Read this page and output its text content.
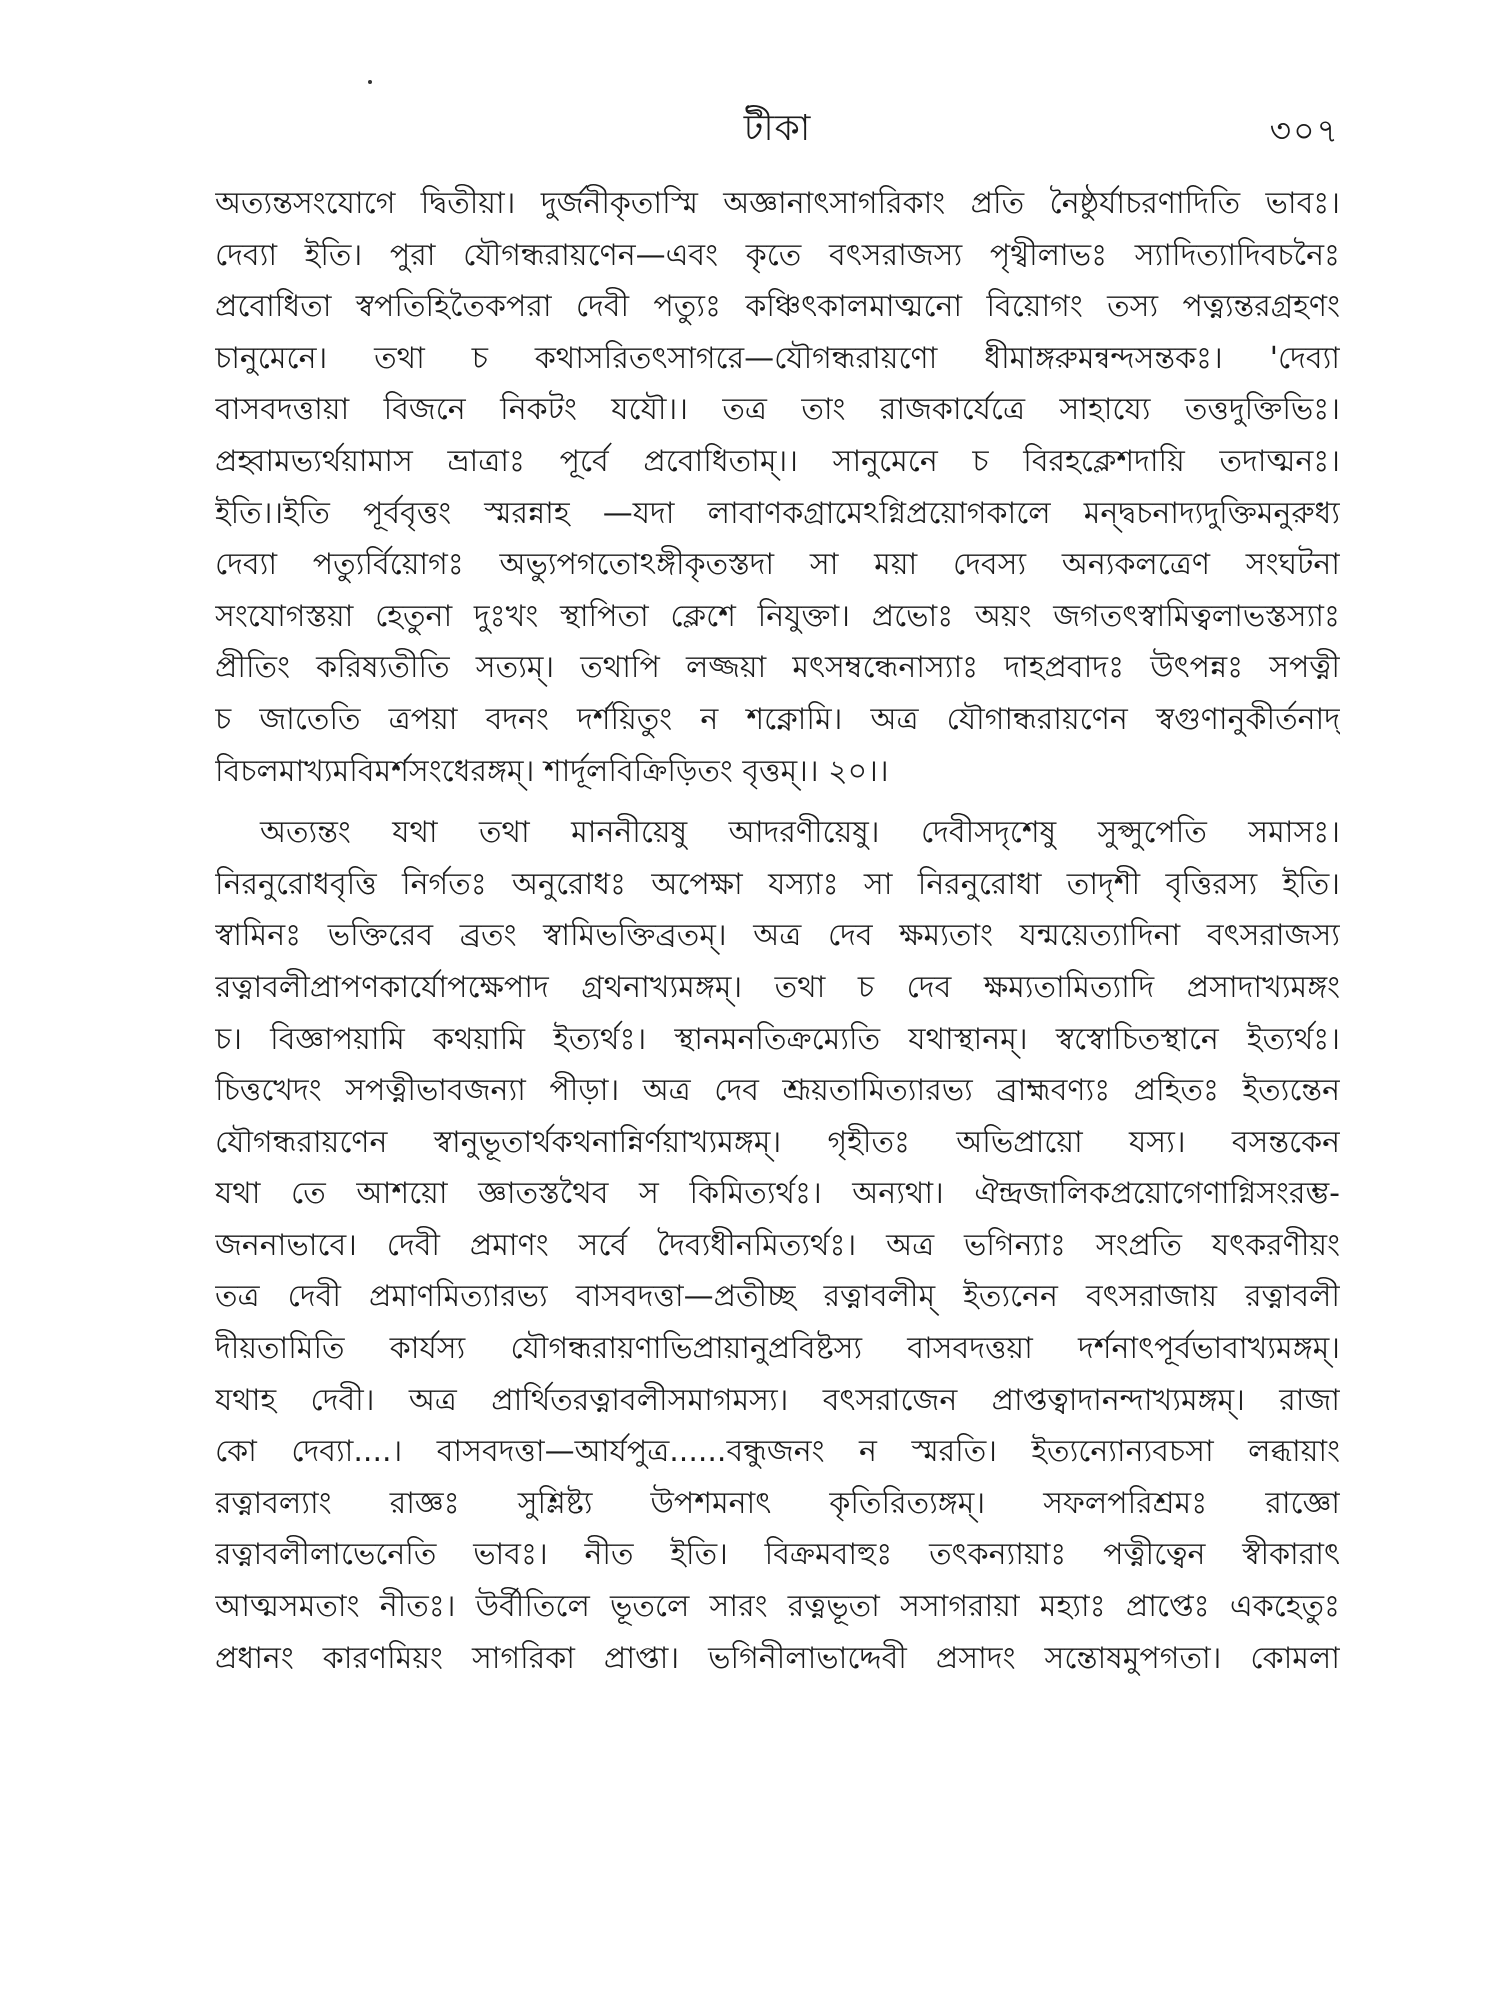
টীকা	৩০৭
অত্যন্তসংযোগে দ্বিতীয়া। দুর্জনীকৃতাস্মি অজ্ঞানাৎসাগরিকাং প্রতি নৈষ্ঠুর্যাচরণাদিতি ভাবঃ।
দেব্যা ইতি। পুরা যৌগন্ধরায়ণেন—এবং কৃতে বৎসরাজস্য পৃথ্বীলাভঃ স্যাদিত্যাদিবচনৈঃ
প্রবোধিতা স্বপতিহিতৈকপরা দেবী পত্যুঃ কঞ্চিৎকালমাত্মনো বিয়োগং তস্য পত্ন্যন্তরগ্রহণং
চানুমেনে। তথা চ কথাসরিতৎসাগরে—যৌগন্ধরায়ণো ধীমাঙ্গরুমন্বন্দসন্তকঃ। 'দেব্যা
বাসবদত্তায়া বিজনে নিকটং যযৌ।। তত্র তাং রাজকার্যেত্রে সাহায্যে তত্তদুক্তিভিঃ।
প্রহ্বামভ্যর্থয়ামাস ভ্রাত্রাঃ পূর্বে প্রবোধিতাম্।। সানুমেনে চ বিরহক্লেশদায়ি তদাত্মনঃ।
ইতি।।ইতি পূর্ববৃত্তং স্মরন্নাহ —যদা লাবাণকগ্রামেঽগ্নিপ্রয়োগকালে মন্দ্বচনাদ্যদুক্তিমনুরুধ্য
দেব্যা পত্যুর্বিয়োগঃ অভ্যুপগতোঽঙ্গীকৃতস্তদা সা ময়া দেবস্য অন্যকলত্রেণ সংঘটনা
সংযোগস্তয়া হেতুনা দুঃখং স্থাপিতা ক্লেশে নিযুক্তা। প্রভোঃ অয়ং জগতৎস্বামিত্বলাভস্তস্যাঃ
প্রীতিং করিষ্যতীতি সত্যম্। তথাপি লজ্জয়া মৎসম্বন্ধেনাস্যাঃ দাহপ্রবাদঃ উৎপন্নঃ সপত্নী
চ জাতেতি ত্রপয়া বদনং দর্শয়িতুং ন শক্নোমি। অত্র যৌগান্ধরায়ণেন স্বগুণানুকীর্তনাদ্
বিচলমাখ্যমবিমর্শসংধেরঙ্গম্। শার্দূলবিক্রিড়িতং বৃত্তম্।। ২০।।
অত্যন্তং যথা তথা মাননীয়েষু আদরণীয়েষু। দেবীসদৃশেষু সুপ্সুপেতি সমাসঃ।
নিরনুরোধবৃত্তি নির্গতঃ অনুরোধঃ অপেক্ষা যস্যাঃ সা নিরনুরোধা তাদৃশী বৃত্তিরস্য ইতি।
স্বামিনঃ ভক্তিরেব ব্রতং স্বামিভক্তিব্রতম্। অত্র দেব ক্ষম্যতাং যন্ময়েত্যাদিনা বৎসরাজস্য
রত্নাবলীপ্রাপণকার্যোপক্ষেপাদ গ্রথনাখ্যমঙ্গম্। তথা চ দেব ক্ষম্যতামিত্যাদি প্রসাদাখ্যমঙ্গং
চ। বিজ্ঞাপয়ামি কথয়ামি ইত্যর্থঃ। স্থানমনতিক্রম্যেতি যথাস্থানম্। স্বস্বোচিতস্থানে ইত্যর্থঃ।
চিত্তখেদং সপত্নীভাবজন্যা পীড়া। অত্র দেব শ্রূয়তামিত্যারভ্য ব্রাহ্মবণ্যঃ প্রহিতঃ ইত্যন্তেন
যৌগন্ধরায়ণেন স্বানুভূতার্থকথনান্নির্ণয়াখ্যমঙ্গম্। গৃহীতঃ অভিপ্রায়ো যস্য। বসন্তকেন
যথা তে আশয়ো জ্ঞাতস্তথৈব স কিমিত্যর্থঃ। অন্যথা। ঐন্দ্রজালিকপ্রয়োগেণাগ্নিসংরম্ভ-
জননাভাবে। দেবী প্রমাণং সর্বে দৈব্যধীনমিত্যর্থঃ। অত্র ভগিন্যাঃ সংপ্রতি যৎকরণীয়ং
তত্র দেবী প্রমাণমিত্যারভ্য বাসবদত্তা—প্রতীচ্ছ রত্নাবলীম্ ইত্যনেন বৎসরাজায় রত্নাবলী
দীয়তামিতি কার্যস্য যৌগন্ধরায়ণাভিপ্রায়ানুপ্রবিষ্টস্য বাসবদত্তয়া দর্শনাৎপূর্বভাবাখ্যমঙ্গম্।
যথাহ দেবী। অত্র প্রার্থিতরত্নাবলীসমাগমস্য। বৎসরাজেন প্রাপ্তত্বাদানন্দাখ্যমঙ্গম্। রাজা
কো দেব্যা....। বাসবদত্তা—আর্যপুত্র......বন্ধুজনং ন স্মরতি। ইত্যন্যোন্যবচসা লব্ধায়াং
রত্নাবল্যাং রাজ্ঞঃ সুশ্লিষ্ট্য উপশমনাৎ কৃতিরিত্যঙ্গম্। সফলপরিশ্রমঃ রাজ্ঞো
রত্নাবলীলাভেনেতি ভাবঃ। নীত ইতি। বিক্রমবাহুঃ তৎকন্যায়াঃ পত্নীত্বেন স্বীকারাৎ
আত্মসমতাং নীতঃ। উর্বীতিলে ভূতলে সারং রত্নভূতা সসাগরায়া মহ্যাঃ প্রাপ্তেঃ একহেতুঃ
প্রধানং কারণমিয়ং সাগরিকা প্রাপ্তা। ভগিনীলাভাদ্দেবী প্রসাদং সম্তোষমুপগতা। কোমলা
